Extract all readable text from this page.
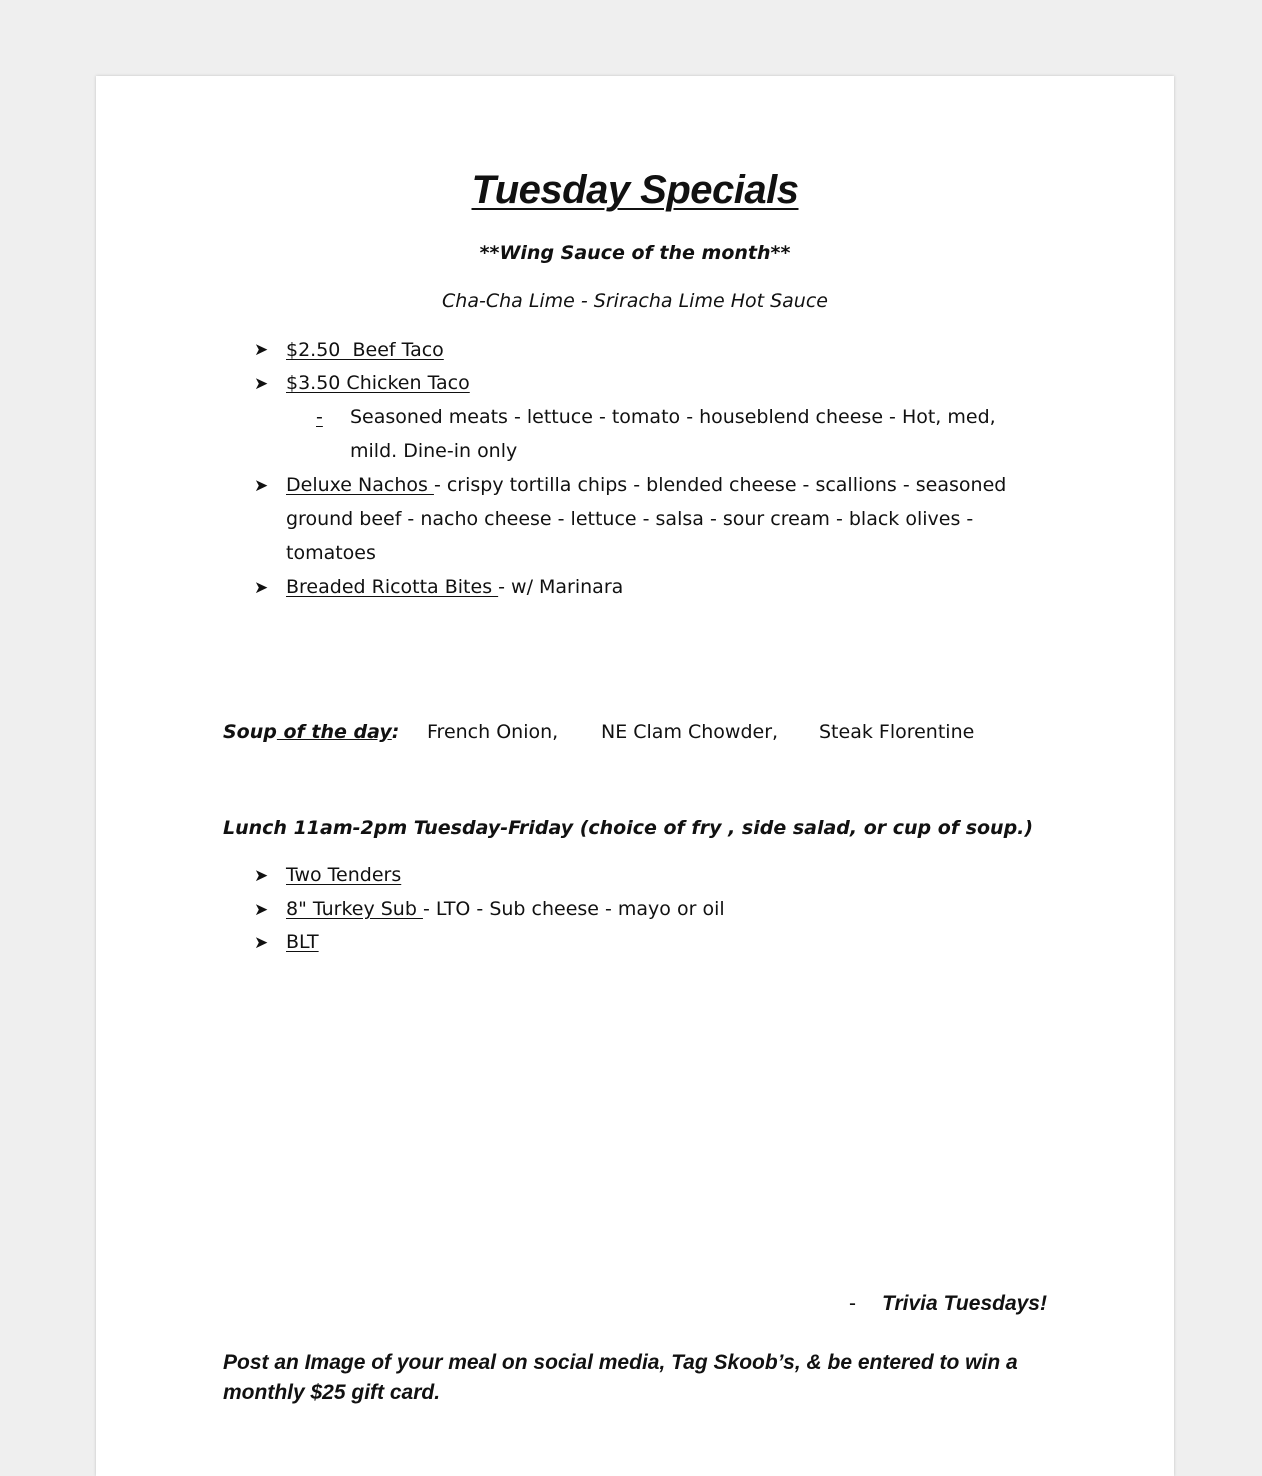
Tuesday Specials
**Wing Sauce of the month**
Cha-Cha Lime - Sriracha Lime Hot Sauce
➤ $2.50  Beef Taco
➤ $3.50 Chicken Taco
- Seasoned meats - lettuce - tomato - houseblend cheese - Hot, med,
mild. Dine-in only
➤ Deluxe Nachos - crispy tortilla chips - blended cheese - scallions - seasoned
ground beef - nacho cheese - lettuce - salsa - sour cream - black olives -
tomatoes
➤ Breaded Ricotta Bites - w/ Marinara
Soup of the day: French Onion, NE Clam Chowder, Steak Florentine
Lunch 11am-2pm Tuesday-Friday (choice of fry , side salad, or cup of soup.)
➤ Two Tenders
➤ 8" Turkey Sub - LTO - Sub cheese - mayo or oil
➤ BLT
- Trivia Tuesdays!
Post an Image of your meal on social media, Tag Skoob’s, & be entered to win a
monthly $25 gift card.
